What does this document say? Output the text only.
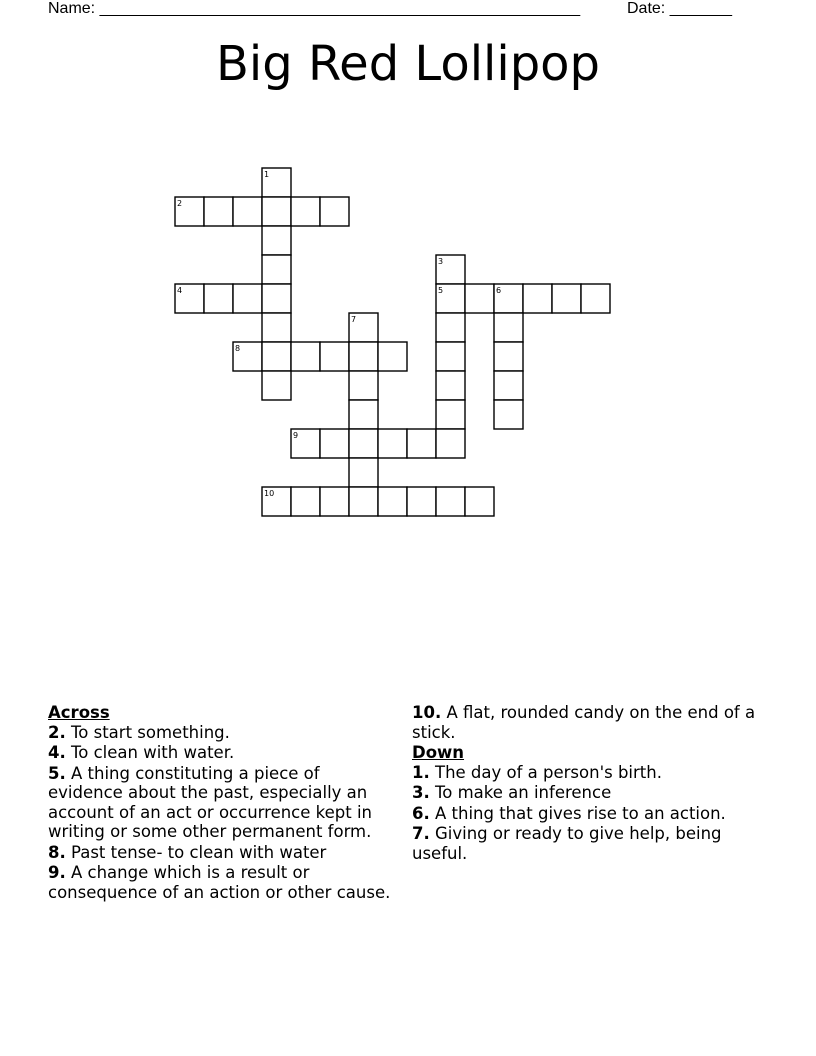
Name: ______________________________________________________	Date: _______
Big Red Lollipop
1
2
3
4	5	6
7
8
9
10

Across

2. To start something.

4. To clean with water.

5. A thing constituting a piece of evidence about the past, especially an account of an act or occurrence kept in writing or some other permanent form.

8. Past tense- to clean with water

9. A change which is a result or consequence of an action or other cause.

10. A flat, rounded candy on the end of a stick.

Down

1. The day of a person's birth.

3. To make an inference

6. A thing that gives rise to an action.

7. Giving or ready to give help, being useful.
